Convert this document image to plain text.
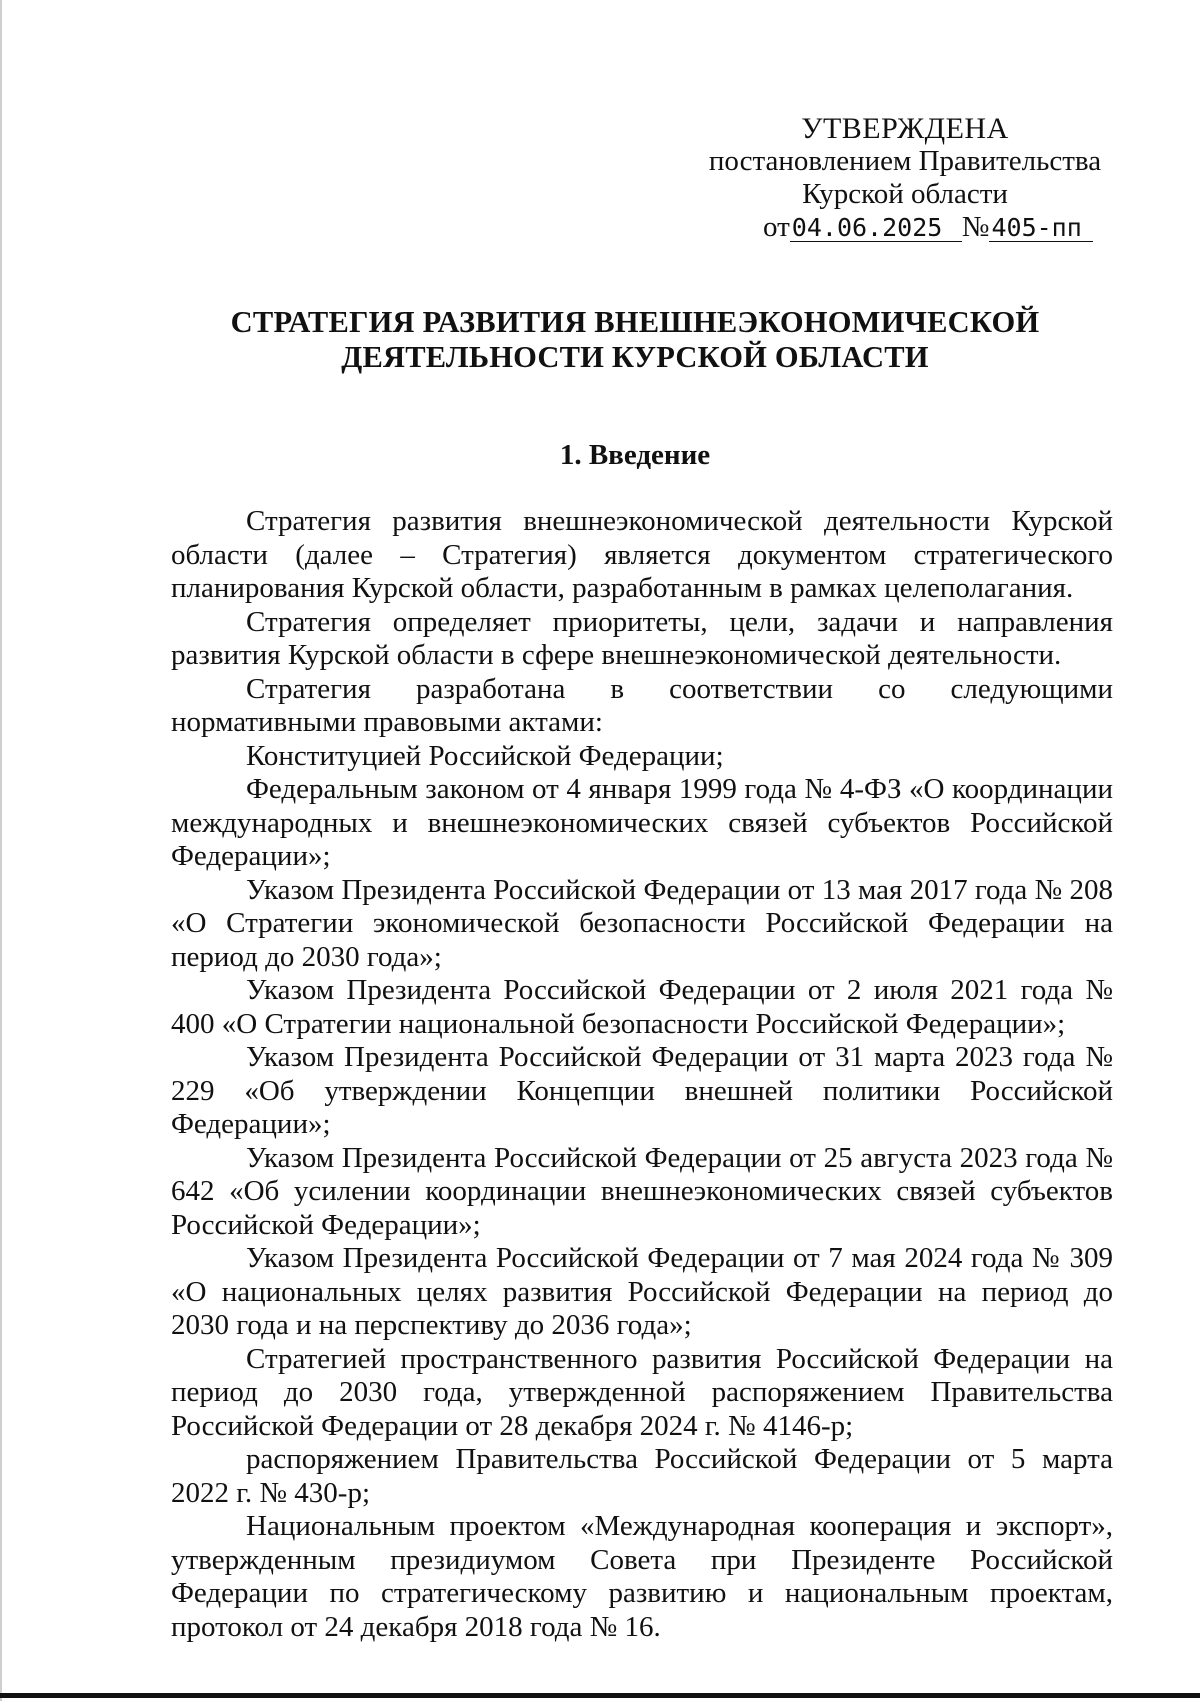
УТВЕРЖДЕНА
постановлением Правительства
Курской области
от04.06.2025 №405-пп
СТРАТЕГИЯ РАЗВИТИЯ ВНЕШНЕЭКОНОМИЧЕСКОЙ
ДЕЯТЕЛЬНОСТИ КУРСКОЙ ОБЛАСТИ
1. Введение

Стратегия развития внешнеэкономической деятельности Курской области (далее – Стратегия) является документом стратегического планирования Курской области, разработанным в рамках целеполагания.

Стратегия определяет приоритеты, цели, задачи и направления развития Курской области в сфере внешнеэкономической деятельности.

Стратегия разработана в соответствии со следующими нормативными правовыми актами:

Конституцией Российской Федерации;

Федеральным законом от 4 января 1999 года № 4-ФЗ «О координации международных и внешнеэкономических связей субъектов Российской Федерации»;

Указом Президента Российской Федерации от 13 мая 2017 года № 208 «О Стратегии экономической безопасности Российской Федерации на период до 2030 года»;

Указом Президента Российской Федерации от 2 июля 2021 года № 400 «О Стратегии национальной безопасности Российской Федерации»;

Указом Президента Российской Федерации от 31 марта 2023 года № 229 «Об утверждении Концепции внешней политики Российской Федерации»;

Указом Президента Российской Федерации от 25 августа 2023 года № 642 «Об усилении координации внешнеэкономических связей субъектов Российской Федерации»;

Указом Президента Российской Федерации от 7 мая 2024 года № 309 «О национальных целях развития Российской Федерации на период до 2030 года и на перспективу до 2036 года»;

Стратегией пространственного развития Российской Федерации на период до 2030 года, утвержденной распоряжением Правительства Российской Федерации от 28 декабря 2024 г. № 4146-р;

распоряжением Правительства Российской Федерации от 5 марта 2022 г. № 430-р;

Национальным проектом «Международная кооперация и экспорт», утвержденным президиумом Совета при Президенте Российской Федерации по стратегическому развитию и национальным проектам, протокол от 24 декабря 2018 года № 16.
